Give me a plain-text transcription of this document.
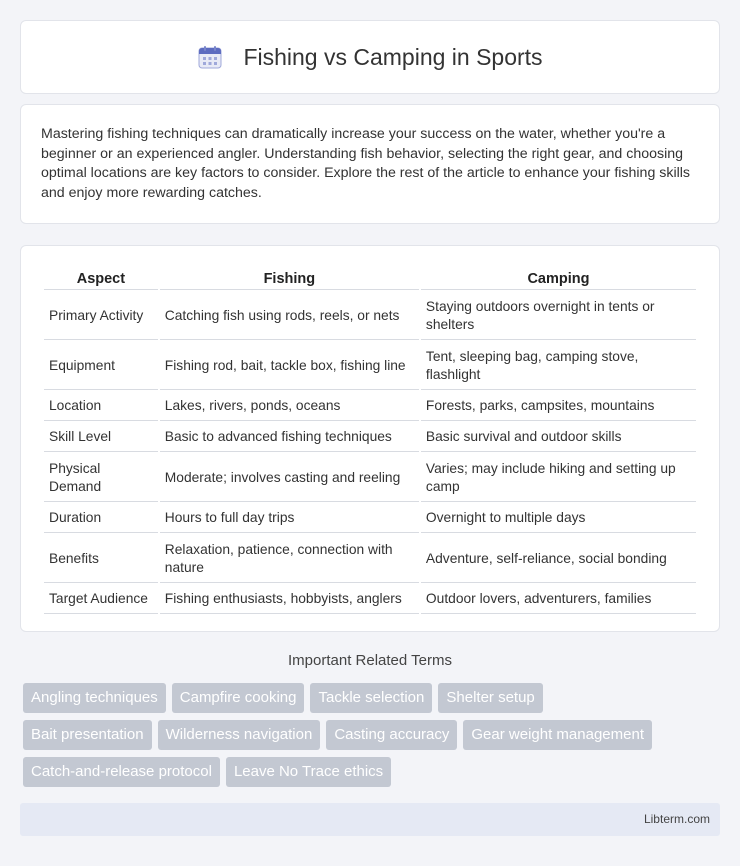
Fishing vs Camping in Sports

Mastering fishing techniques can dramatically increase your success on the water, whether you're a beginner or an experienced angler. Understanding fish behavior, selecting the right gear, and choosing optimal locations are key factors to consider. Explore the rest of the article to enhance your fishing skills and enjoy more rewarding catches.

Aspect	Fishing	Camping
Primary Activity	Catching fish using rods, reels, or nets	Staying outdoors overnight in tents or shelters
Equipment	Fishing rod, bait, tackle box, fishing line	Tent, sleeping bag, camping stove, flashlight
Location	Lakes, rivers, ponds, oceans	Forests, parks, campsites, mountains
Skill Level	Basic to advanced fishing techniques	Basic survival and outdoor skills
Physical Demand	Moderate; involves casting and reeling	Varies; may include hiking and setting up camp
Duration	Hours to full day trips	Overnight to multiple days
Benefits	Relaxation, patience, connection with nature	Adventure, self-reliance, social bonding
Target Audience	Fishing enthusiasts, hobbyists, anglers	Outdoor lovers, adventurers, families
Important Related Terms
Angling techniques	Campfire cooking	Tackle selection	Shelter setup
Bait presentation	Wilderness navigation	Casting accuracy	Gear weight management
Catch-and-release protocol	Leave No Trace ethics
Libterm.com
